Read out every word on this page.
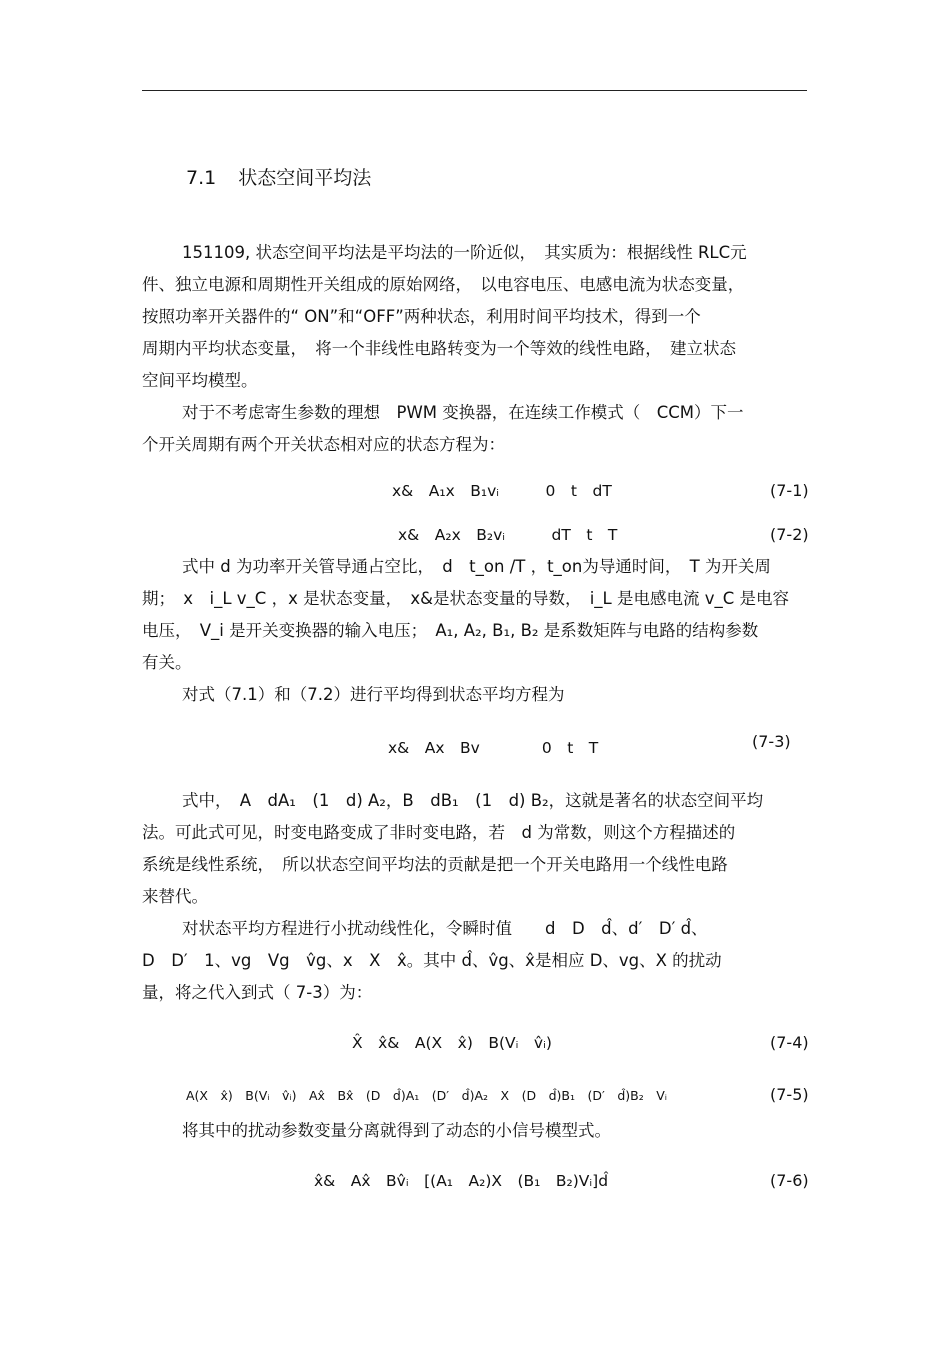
7.1 状态空间平均法
151109, 状态空间平均法是平均法的一阶近似，　其实质为：根据线性 RLC元
件、独立电源和周期性开关组成的原始网络，　以电容电压、电感电流为状态变量，
按照功率开关器件的“ ON”和“OFF”两种状态，利用时间平均技术，得到一个
周期内平均状态变量，　将一个非线性电路转变为一个等效的线性电路，　建立状态
空间平均模型。
对于不考虑寄生参数的理想　PWM 变换器，在连续工作模式（　CCM）下一
个开关周期有两个开关状态相对应的状态方程为：
x&　A₁x　B₁vᵢ　　　0　t　dT	(7-1)
x&　A₂x　B₂vᵢ　　　dT　t　T	(7-2)
式中 d 为功率开关管导通占空比，　d　t_on /T ，t_on为导通时间，　T 为开关周
期；　x　i_L v_C ，x 是状态变量，　x&是状态变量的导数，　i_L 是电感电流 v_C 是电容
电压，　V_i 是开关变换器的输入电压；　A₁, A₂, B₁, B₂ 是系数矩阵与电路的结构参数
有关。
对式（7.1）和（7.2）进行平均得到状态平均方程为
x&　Ax　Bv　　　　0　t　T	(7-3)
式中，　A　dA₁　(1　d) A₂，B　dB₁　(1　d) B₂，这就是著名的状态空间平均
法。可此式可见，时变电路变成了非时变电路，若　d 为常数，则这个方程描述的
系统是线性系统，　所以状态空间平均法的贡献是把一个开关电路用一个线性电路
来替代。
对状态平均方程进行小扰动线性化，令瞬时值　　d　D　d̂、d′　D′ d̂、
D　D′　1、vg　Vg　v̂g、x　X　x̂。其中 d̂、v̂g、x̂是相应 D、vg、X 的扰动
量，将之代入到式（ 7-3）为：
X̂　x̂&　A(X　x̂)　B(Vᵢ　v̂ᵢ)	(7-4)
A(X　x̂)　B(Vᵢ　v̂ᵢ)　Ax̂　Bx̂　(D　d̂)A₁　(D′　d̂)A₂　X　(D　d̂)B₁　(D′　d̂)B₂　Vᵢ	(7-5)
将其中的扰动参数变量分离就得到了动态的小信号模型式。
x̂&　Ax̂　Bv̂ᵢ　[(A₁　A₂)X　(B₁　B₂)Vᵢ]d̂	(7-6)
